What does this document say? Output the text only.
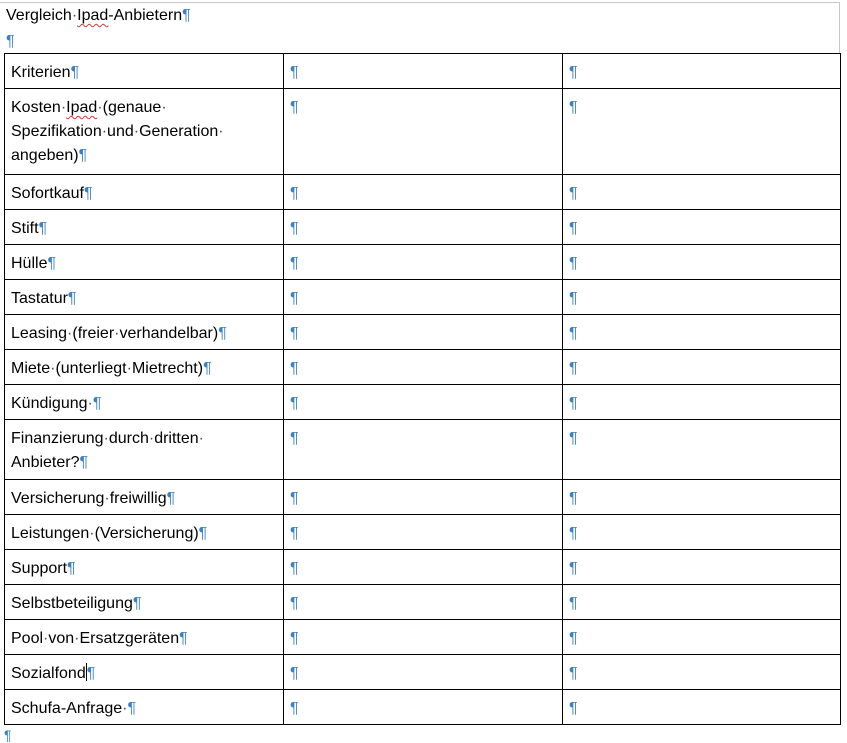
Vergleich·Ipad-Anbietern¶
¶
Kriterien¶	¶	¶
Kosten·Ipad·(genaue·
Spezifikation·und·Generation·
angeben)¶	¶	¶
Sofortkauf¶	¶	¶
Stift¶	¶	¶
Hülle¶	¶	¶
Tastatur¶	¶	¶
Leasing·(freier·verhandelbar)¶	¶	¶
Miete·(unterliegt·Mietrecht)¶	¶	¶
Kündigung·¶	¶	¶
Finanzierung·durch·dritten·
Anbieter?¶	¶	¶
Versicherung·freiwillig¶	¶	¶
Leistungen·(Versicherung)¶	¶	¶
Support¶	¶	¶
Selbstbeteiligung¶	¶	¶
Pool·von·Ersatzgeräten¶	¶	¶
Sozialfond¶	¶	¶
Schufa-Anfrage·¶	¶	¶
¶
